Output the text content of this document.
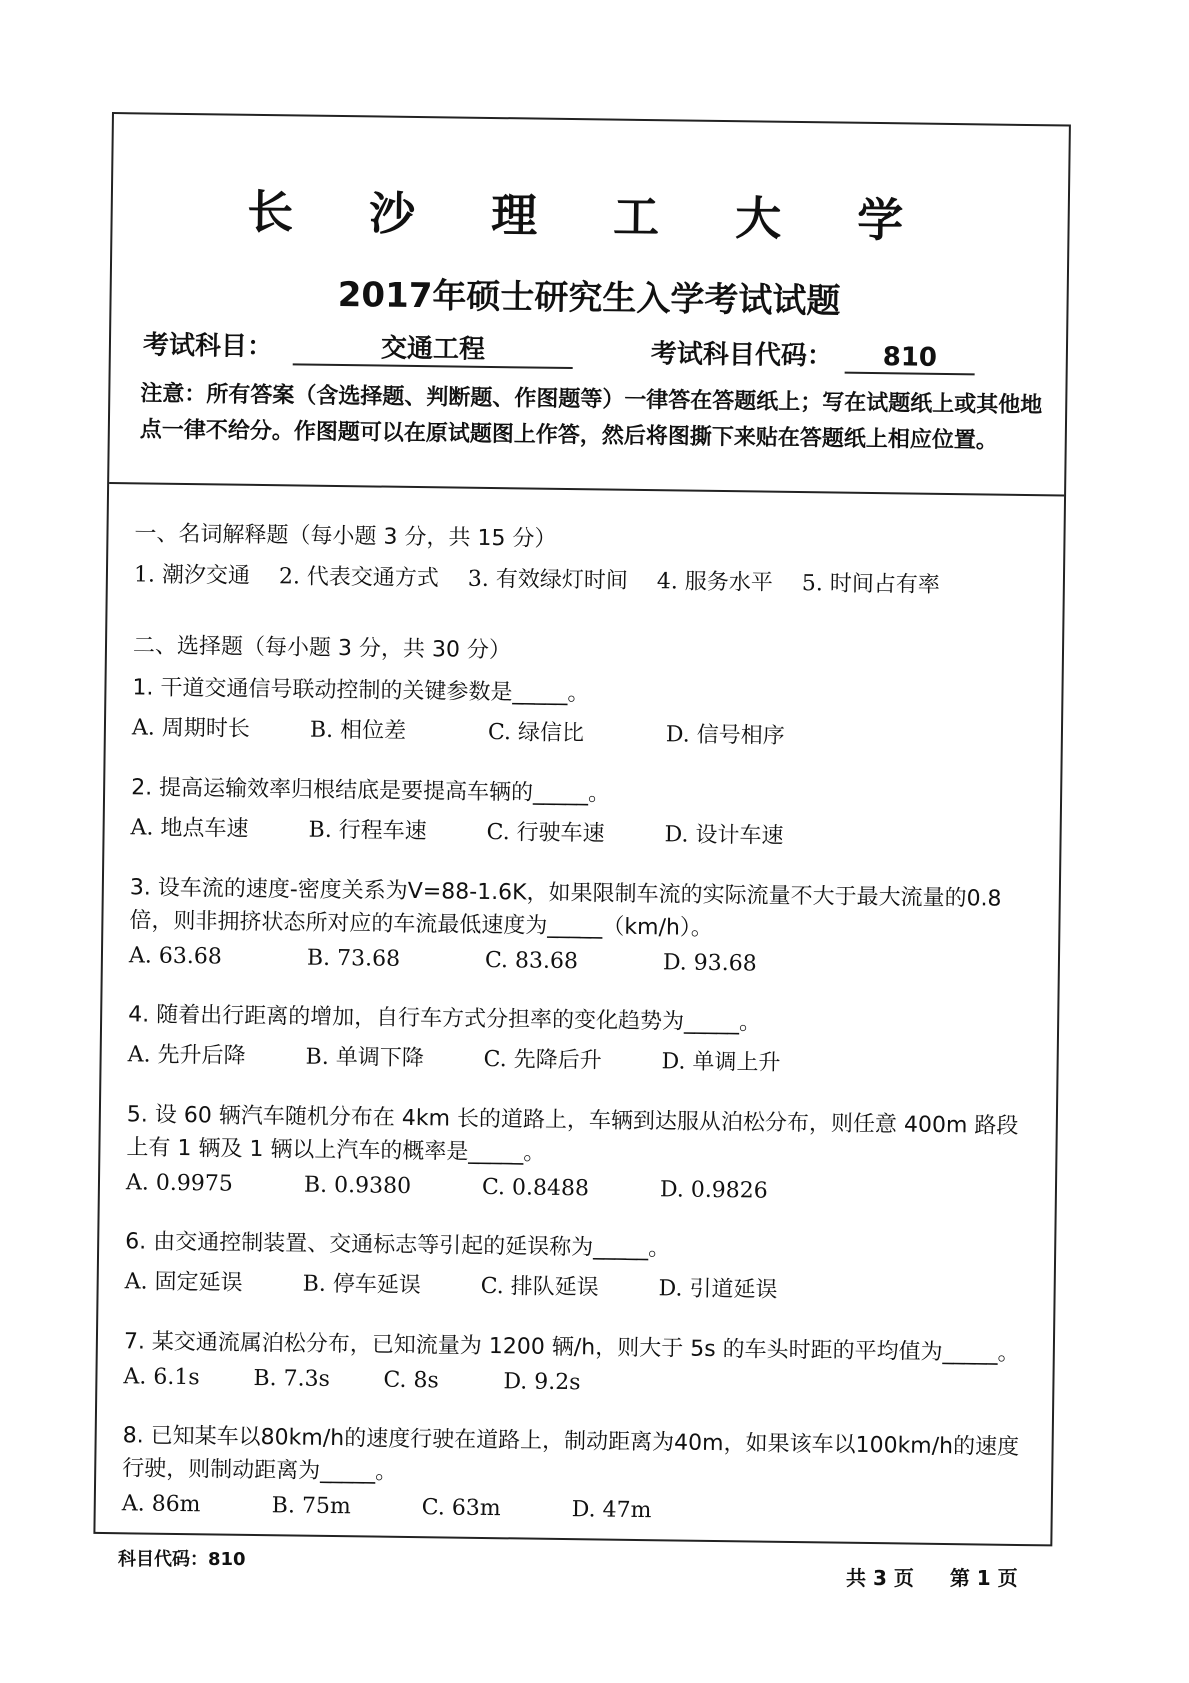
长 沙 理 工 大 学
2017年硕士研究生入学考试试题
考试科目：	交通工程	考试科目代码： 810
注意：所有答案（含选择题、判断题、作图题等）一律答在答题纸上；写在试题纸上或其他地点一律不给分。作图题可以在原试题图上作答，然后将图撕下来贴在答题纸上相应位置。
一、名词解释题（每小题 3 分，共 15 分）
1. 潮汐交通 2. 代表交通方式 3. 有效绿灯时间 4. 服务水平 5. 时间占有率
二、选择题（每小题 3 分，共 30 分）
1. 干道交通信号联动控制的关键参数是_____。
A. 周期时长	B. 相位差	C. 绿信比	D. 信号相序
2. 提高运输效率归根结底是要提高车辆的_____。
A. 地点车速	B. 行程车速	C. 行驶车速	D. 设计车速
3. 设车流的速度-密度关系为V=88-1.6K，如果限制车流的实际流量不大于最大流量的0.8倍，则非拥挤状态所对应的车流最低速度为_____（km/h）。
A. 63.68	B. 73.68	C. 83.68	D. 93.68
4. 随着出行距离的增加，自行车方式分担率的变化趋势为_____。
A. 先升后降	B. 单调下降	C. 先降后升	D. 单调上升
5. 设 60 辆汽车随机分布在 4km 长的道路上，车辆到达服从泊松分布，则任意 400m 路段上有 1 辆及 1 辆以上汽车的概率是_____。
A. 0.9975	B. 0.9380	C. 0.8488	D. 0.9826
6. 由交通控制装置、交通标志等引起的延误称为_____。
A. 固定延误	B. 停车延误	C. 排队延误	D. 引道延误
7. 某交通流属泊松分布，已知流量为 1200 辆/h，则大于 5s 的车头时距的平均值为_____。
A. 6.1s	B. 7.3s	C. 8s	D. 9.2s
8. 已知某车以80km/h的速度行驶在道路上，制动距离为40m，如果该车以100km/h的速度行驶，则制动距离为_____。
A. 86m	B. 75m	C. 63m	D. 47m
科目代码：810
共 3 页 第 1 页
